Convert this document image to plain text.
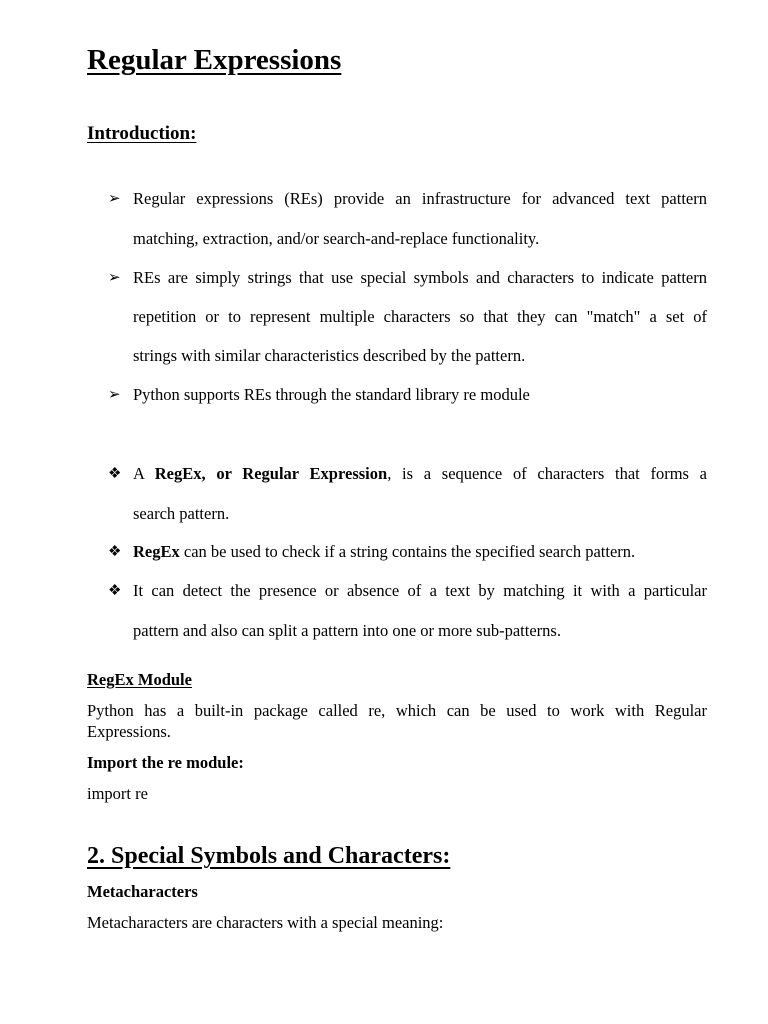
Regular Expressions
Introduction:
➢ Regular expressions (REs) provide an infrastructure for advanced text pattern
matching, extraction, and/or search-and-replace functionality.
➢ REs are simply strings that use special symbols and characters to indicate pattern
repetition or to represent multiple characters so that they can "match" a set of
strings with similar characteristics described by the pattern.
➢ Python supports REs through the standard library re module
❖ A RegEx, or Regular Expression, is a sequence of characters that forms a
search pattern.
❖ RegEx can be used to check if a string contains the specified search pattern.
❖ It can detect the presence or absence of a text by matching it with a particular
pattern and also can split a pattern into one or more sub-patterns.
RegEx Module
Python has a built-in package called re, which can be used to work with Regular
Expressions.
Import the re module:
import re
2. Special Symbols and Characters:
Metacharacters
Metacharacters are characters with a special meaning:
